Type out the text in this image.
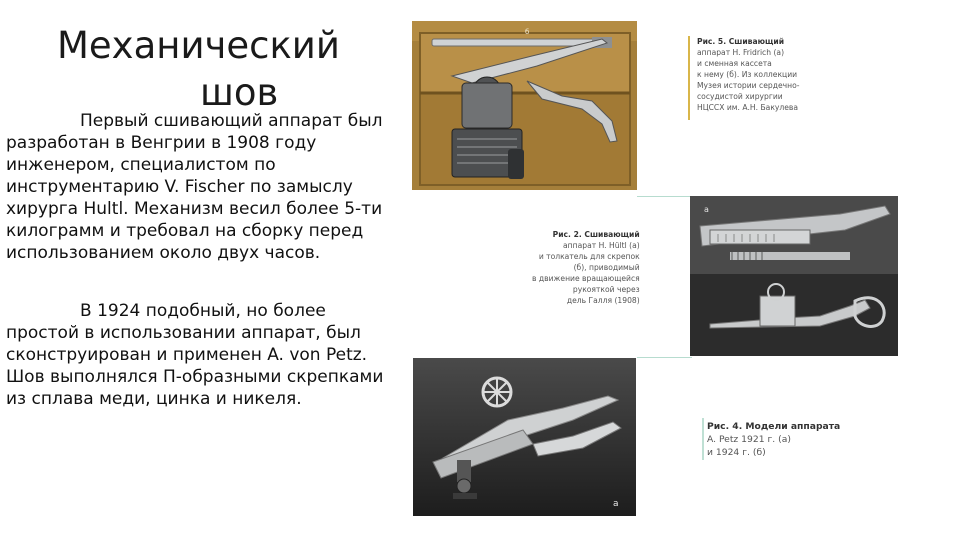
Механический
шов
Первый сшивающий аппарат был
разработан в Венгрии в 1908 году
инженером, специалистом по
инструментарию V. Fischer по замыслу
хирурга Hultl. Механизм весил более 5-ти
килограмм и требовал на сборку перед
использованием около двух часов.
В 1924 подобный, но более
простой в использовании аппарат, был
сконструирован и применен A. von Petz.
Шов выполнялся П-образными скрепками
из сплава меди, цинка и никеля.
б
Рис. 5. Сшивающий
аппарат H. Fridrich (а)
и сменная кассета
к нему (б). Из коллекции
Музея истории сердечно-
сосудистой хирургии
НЦССХ им. А.Н. Бакулева
Рис. 2. Сшивающий
аппарат H. Hültl (а)
и толкатель для скрепок
(б), приводимый
в движение вращающейся
рукояткой через
дель Галля (1908)
а
а
Рис. 4. Модели аппарата
A. Petz 1921 г. (а)
и 1924 г. (б)
